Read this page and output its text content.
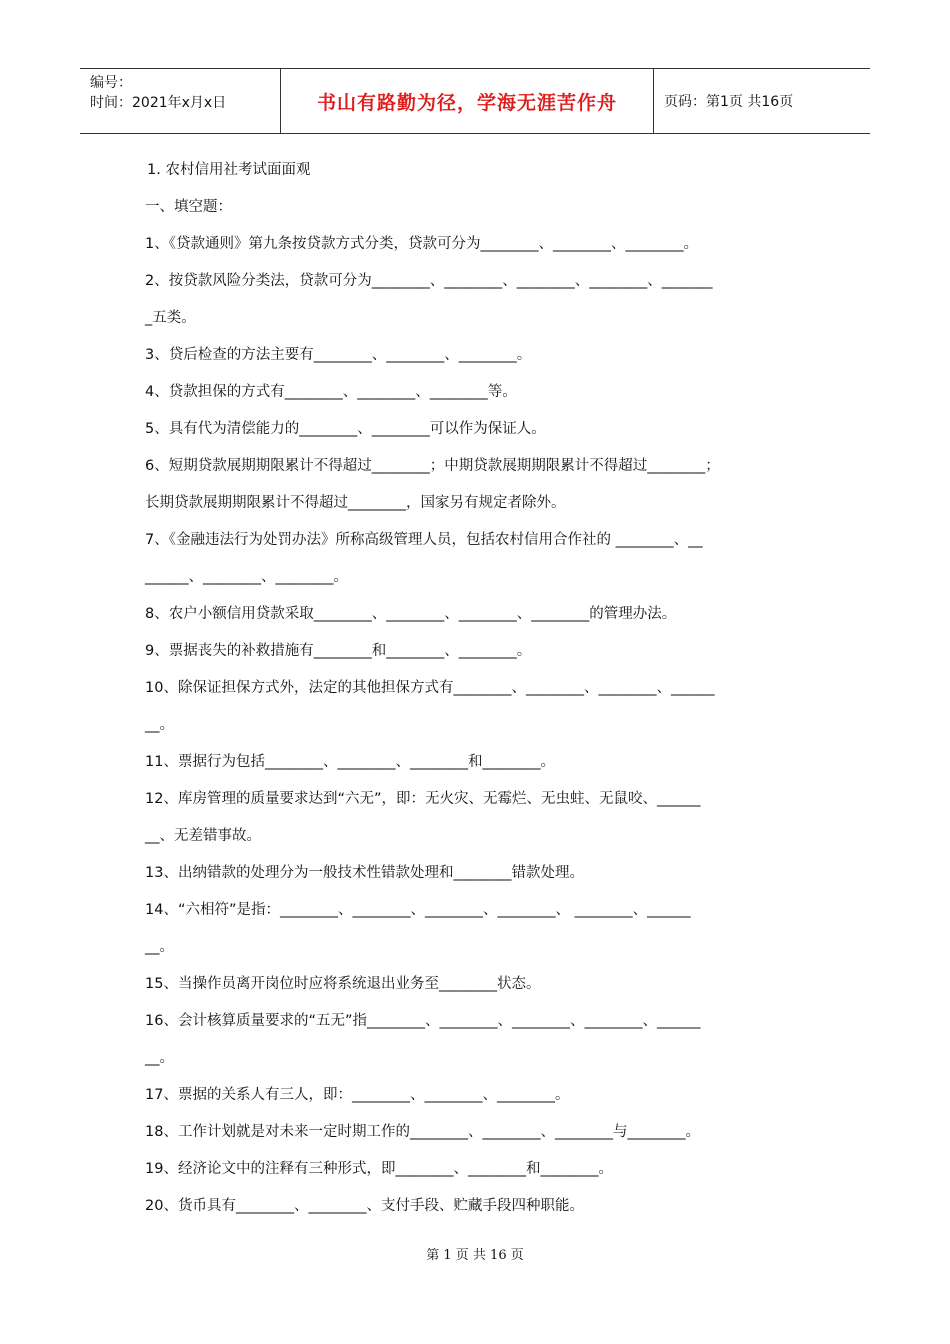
编号：
时间：2021年x月x日	书山有路勤为径，学海无涯苦作舟	页码：第1页 共16页
1. 农村信用社考试面面观
一、填空题：
1、《贷款通则》第九条按贷款方式分类，贷款可分为________、________、________。
2、按贷款风险分类法，贷款可分为________、________、________、________、_______
_五类。
3、贷后检查的方法主要有________、________、________。
4、贷款担保的方式有________、________、________等。
5、具有代为清偿能力的________、________可以作为保证人。
6、短期贷款展期期限累计不得超过________；中期贷款展期期限累计不得超过________；
长期贷款展期期限累计不得超过________，国家另有规定者除外。
7、《金融违法行为处罚办法》所称高级管理人员，包括农村信用合作社的 ________、__
______、________、________。
8、农户小额信用贷款采取________、________、________、________的管理办法。
9、票据丧失的补救措施有________和________、________。
10、除保证担保方式外，法定的其他担保方式有________、________、________、______
__。
11、票据行为包括________、________、________和________。
12、库房管理的质量要求达到“六无”，即：无火灾、无霉烂、无虫蛀、无鼠咬、______
__、无差错事故。
13、出纳错款的处理分为一般技术性错款处理和________错款处理。
14、“六相符”是指：________、________、________、________、 ________、______
__。
15、当操作员离开岗位时应将系统退出业务至________状态。
16、会计核算质量要求的“五无”指________、________、________、________、______
__。
17、票据的关系人有三人，即：________、________、________。
18、工作计划就是对未来一定时期工作的________、________、________与________。
19、经济论文中的注释有三种形式，即________、________和________。
20、货币具有________、________、支付手段、贮藏手段四种职能。
第 1 页 共 16 页
